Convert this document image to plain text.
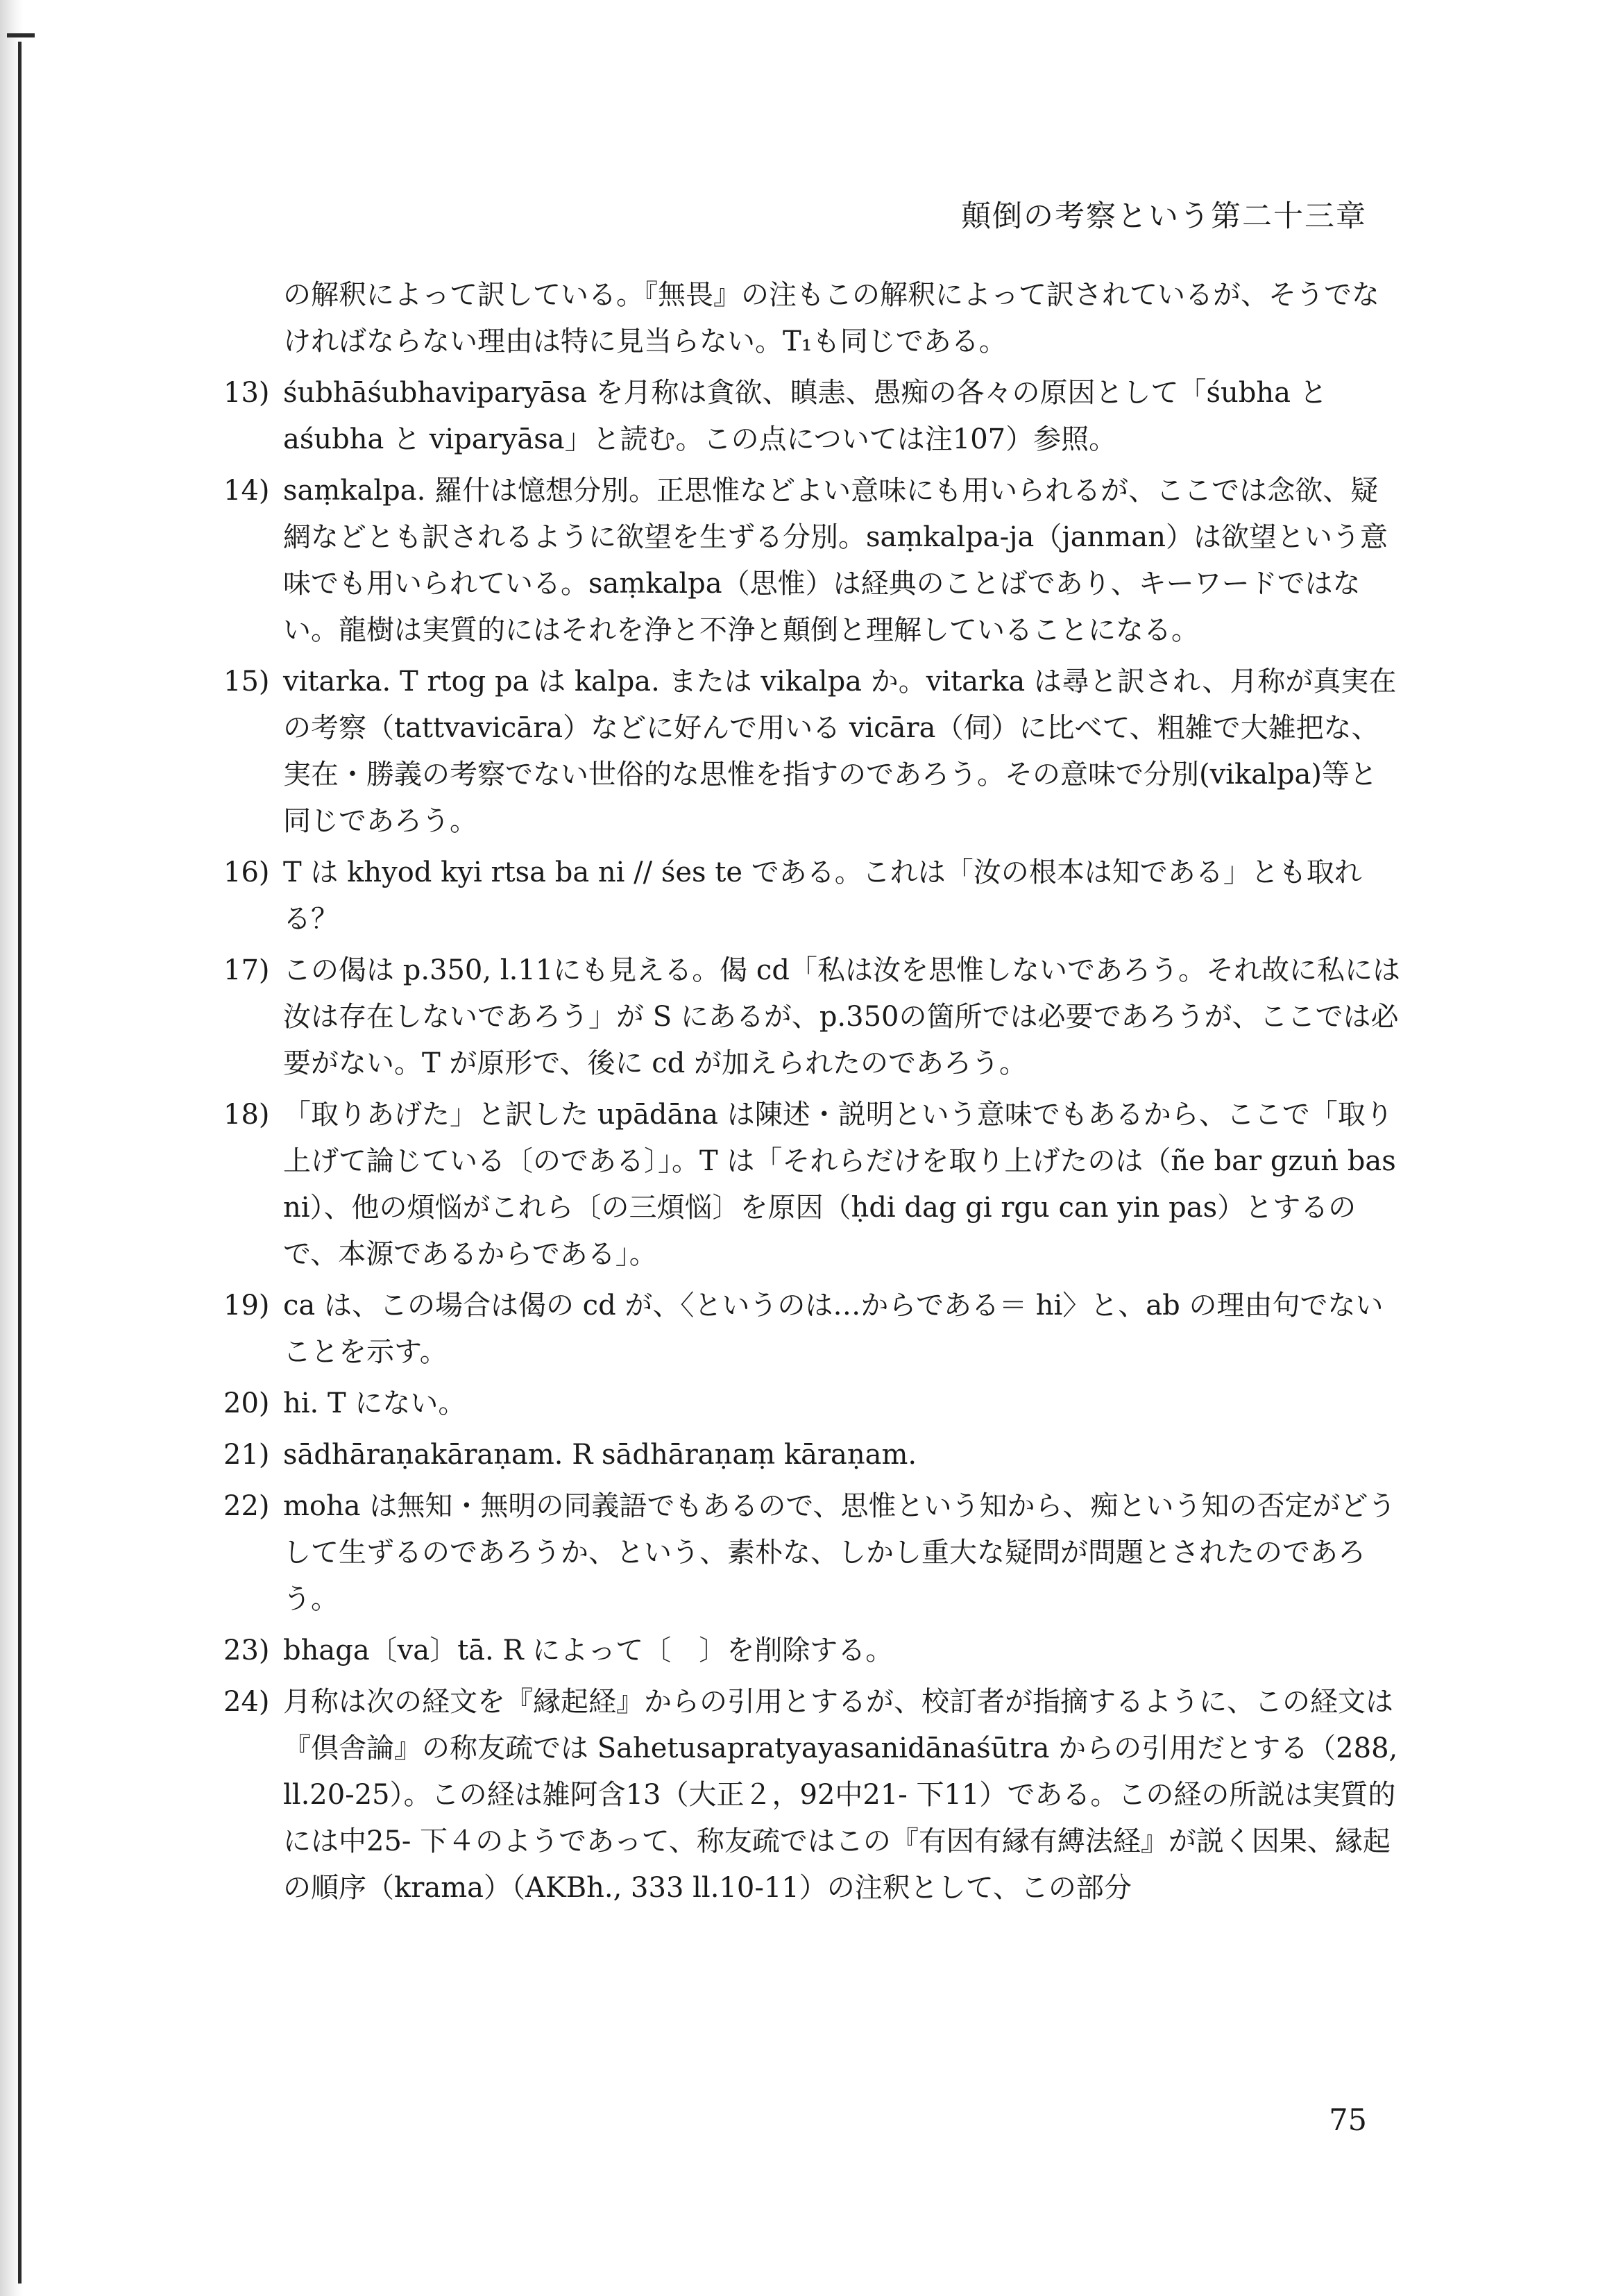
顛倒の考察という第二十三章

の解釈によって訳している。『無畏』の注もこの解釈によって訳されているが、そうでなければならない理由は特に見当らない。T₁も同じである。

13) śubhāśubhaviparyāsa を月称は貪欲、瞋恚、愚痴の各々の原因として「śubha と aśubha と viparyāsa」と読む。この点については注107）参照。

14) saṃkalpa. 羅什は憶想分別。正思惟などよい意味にも用いられるが、ここでは念欲、疑網などとも訳されるように欲望を生ずる分別。saṃkalpa-ja（janman）は欲望という意味でも用いられている。saṃkalpa（思惟）は経典のことばであり、キーワードではない。龍樹は実質的にはそれを浄と不浄と顛倒と理解していることになる。

15) vitarka. T rtog pa は kalpa. または vikalpa か。vitarka は尋と訳され、月称が真実在の考察（tattvavicāra）などに好んで用いる vicāra（伺）に比べて、粗雑で大雑把な、実在・勝義の考察でない世俗的な思惟を指すのであろう。その意味で分別(vikalpa)等と同じであろう。

16) T は khyod kyi rtsa ba ni // śes te である。これは「汝の根本は知である」とも取れる？

17) この偈は p.350, l.11にも見える。偈 cd「私は汝を思惟しないであろう。それ故に私には汝は存在しないであろう」が S にあるが、p.350の箇所では必要であろうが、ここでは必要がない。T が原形で、後に cd が加えられたのであろう。

18) 「取りあげた」と訳した upādāna は陳述・説明という意味でもあるから、ここで「取り上げて論じている〔のである〕」。T は「それらだけを取り上げたのは（ñe bar gzuṅ bas ni）、他の煩悩がこれら〔の三煩悩〕を原因（ḥdi dag gi rgu can yin pas）とするので、本源であるからである」。

19) ca は、この場合は偈の cd が、〈というのは…からである＝ hi〉と、ab の理由句でないことを示す。

20) hi. T にない。

21) sādhāraṇakāraṇam. R sādhāraṇaṃ kāraṇam.

22) moha は無知・無明の同義語でもあるので、思惟という知から、痴という知の否定がどうして生ずるのであろうか、という、素朴な、しかし重大な疑問が問題とされたのであろう。

23) bhaga〔va〕tā. R によって〔　〕を削除する。

24) 月称は次の経文を『縁起経』からの引用とするが、校訂者が指摘するように、この経文は『倶舎論』の称友疏では Sahetusapratyayasanidānaśūtra からの引用だとする（288, ll.20-25）。この経は雑阿含13（大正２，92中21- 下11）である。この経の所説は実質的には中25- 下４のようであって、称友疏ではこの『有因有縁有縛法経』が説く因果、縁起の順序（krama）（AKBh., 333 ll.10-11）の注釈として、この部分

75
